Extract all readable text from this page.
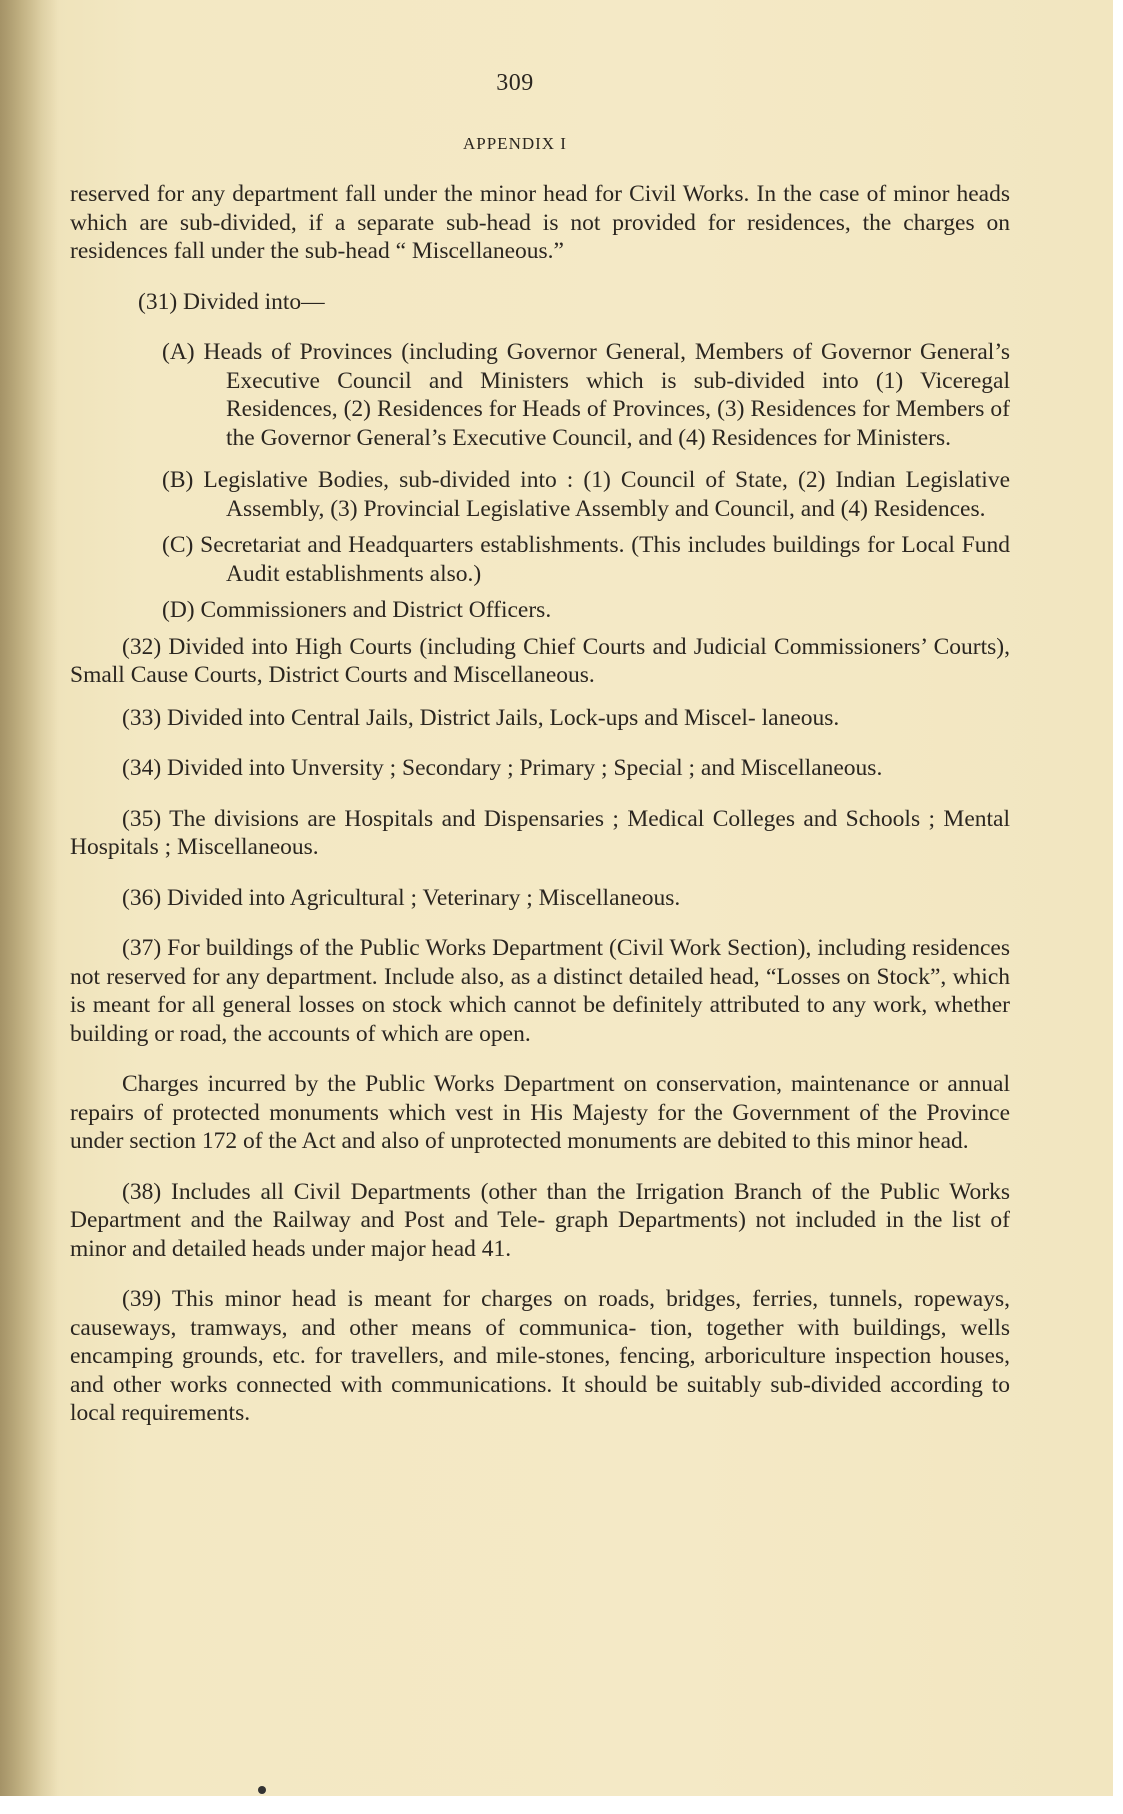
309
APPENDIX I

reserved for any department fall under the minor head for Civil Works. In the case of minor heads which are sub-divided, if a separate sub-head is not provided for residences, the charges on residences fall under the sub-head “ Miscellaneous.”

(31) Divided into—

(A) Heads of Provinces (including Governor General, Members of Governor General’s Executive Council and Ministers which is sub-divided into (1) Viceregal Residences, (2) Residences for Heads of Provinces, (3) Residences for Members of the Governor General’s Executive Council, and (4) Residences for Ministers.

(B) Legislative Bodies, sub-divided into : (1) Council of State, (2) Indian Legislative Assembly, (3) Provincial Legislative Assembly and Council, and (4) Residences.

(C) Secretariat and Headquarters establishments. (This includes buildings for Local Fund Audit establishments also.)

(D) Commissioners and District Officers.

(32) Divided into High Courts (including Chief Courts and Judicial Commissioners’ Courts), Small Cause Courts, District Courts and Miscellaneous.

(33) Divided into Central Jails, District Jails, Lock-ups and Miscel- laneous.

(34) Divided into Unversity ; Secondary ; Primary ; Special ; and Miscellaneous.

(35) The divisions are Hospitals and Dispensaries ; Medical Colleges and Schools ; Mental Hospitals ; Miscellaneous.

(36) Divided into Agricultural ; Veterinary ; Miscellaneous.

(37) For buildings of the Public Works Department (Civil Work Section), including residences not reserved for any department. Include also, as a distinct detailed head, “Losses on Stock”, which is meant for all general losses on stock which cannot be definitely attributed to any work, whether building or road, the accounts of which are open.

Charges incurred by the Public Works Department on conservation, maintenance or annual repairs of protected monuments which vest in His Majesty for the Government of the Province under section 172 of the Act and also of unprotected monuments are debited to this minor head.

(38) Includes all Civil Departments (other than the Irrigation Branch of the Public Works Department and the Railway and Post and Tele- graph Departments) not included in the list of minor and detailed heads under major head 41.

(39) This minor head is meant for charges on roads, bridges, ferries, tunnels, ropeways, causeways, tramways, and other means of communica- tion, together with buildings, wells encamping grounds, etc. for travellers, and mile-stones, fencing, arboriculture inspection houses, and other works connected with communications. It should be suitably sub-divided according to local requirements.
